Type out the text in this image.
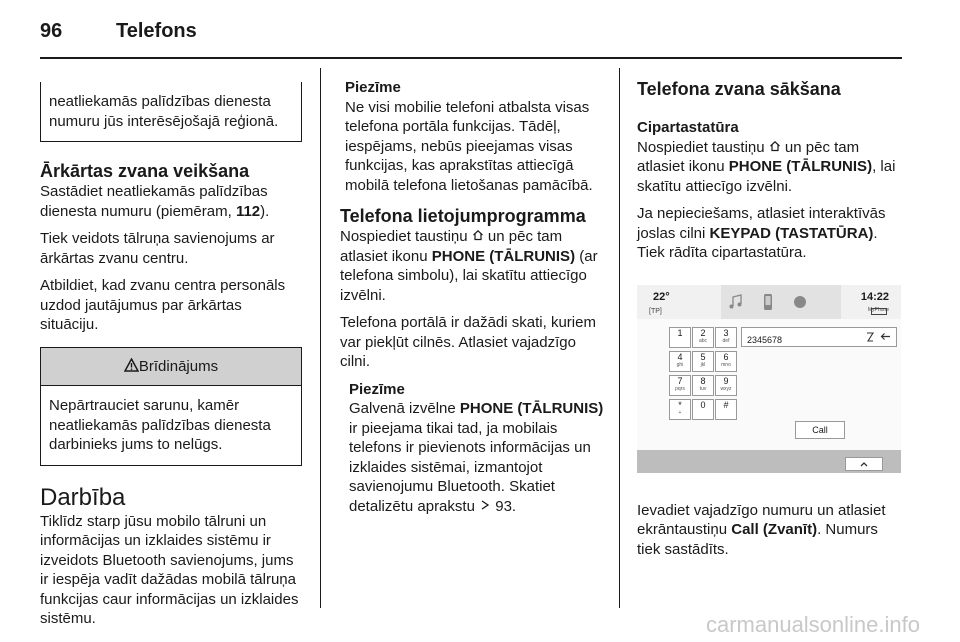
96	Telefons
neatliekamās palīdzības dienesta numuru jūs interēsējošajā reģionā.
Ārkārtas zvana veikšana

Sastādiet neatliekamās palīdzības dienesta numuru (piemēram, 112).

Tiek veidots tālruņa savienojums ar ārkārtas zvanu centru.

Atbildiet, kad zvanu centra personāls uzdod jautājumus par ārkārtas situāciju.

Brīdinājums
Nepārtrauciet sarunu, kamēr neatliekamās palīdzības dienesta darbinieks jums to nelūgs.
Darbība

Tiklīdz starp jūsu mobilo tālruni un informācijas un izklaides sistēmu ir izveidots Bluetooth savienojums, jums ir iespēja vadīt dažādas mobilā tālruņa funkcijas caur informācijas un izklaides sistēmu.

Piezīme

Ne visi mobilie telefoni atbalsta visas telefona portāla funkcijas. Tādēļ, iespējams, nebūs pieejamas visas funkcijas, kas aprakstītas attiecīgā mobilā telefona lietošanas pamācībā.

Telefona lietojumprogramma

Nospiediet taustiņu  un pēc tam atlasiet ikonu PHONE (TĀLRUNIS) (ar telefona simbolu), lai skatītu attiecīgo izvēlni.

Telefona portālā ir dažādi skati, kuriem var piekļūt cilnēs. Atlasiet vajadzīgo cilni.

Piezīme

Galvenā izvēlne PHONE (TĀLRUNIS) ir pieejama tikai tad, ja mobilais telefons ir pievienots informācijas un izklaides sistēmai, izmantojot savienojumu Bluetooth. Skatiet detalizētu aprakstu  93.

Telefona zvana sākšana
Cipartastatūra

Nospiediet taustiņu  un pēc tam atlasiet ikonu PHONE (TĀLRUNIS), lai skatītu attiecīgo izvēlni.

Ja nepieciešams, atlasiet interaktīvās joslas cilni KEYPAD (TASTATŪRA). Tiek rādīta cipartastatūra.

22°
[TP]
14:22
MyPhone
1	2
abc
3
def
4
ghi
5
jkl
6
mno
7
pqrs
8
tuv
9
wxyz
*
+
0	#
2345678
Call

Ievadiet vajadzīgo numuru un atlasiet ekrāntaustiņu Call (Zvanīt). Numurs tiek sastādīts.

carmanualsonline.info
